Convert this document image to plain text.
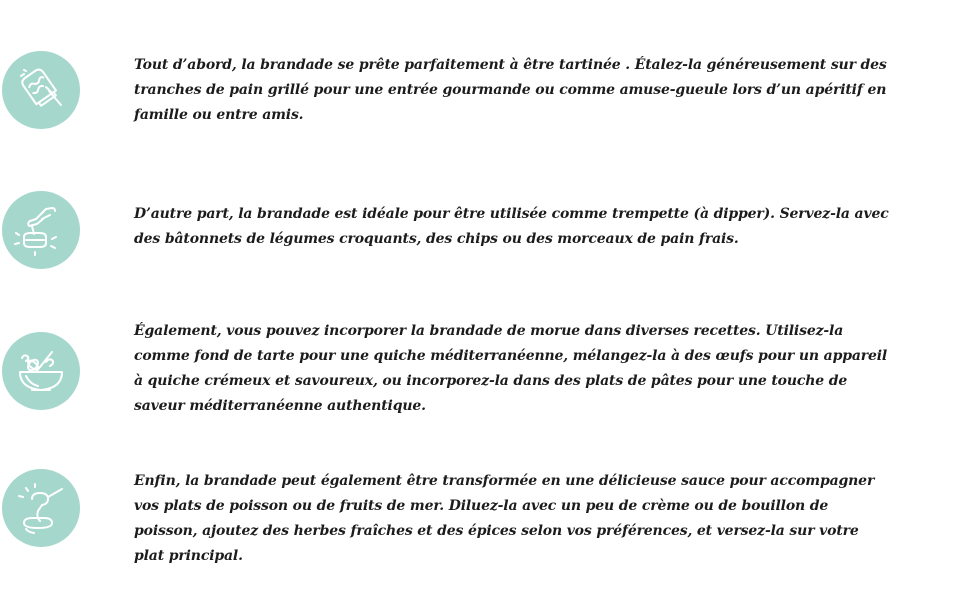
Tout d’abord, la brandade se prête parfaitement à être tartinée . Étalez-la généreusement sur des tranches de pain grillé pour une entrée gourmande ou comme amuse-gueule lors d’un apéritif en famille ou entre amis.

D’autre part, la brandade est idéale pour être utilisée comme trempette (à dipper). Servez-la avec des bâtonnets de légumes croquants, des chips ou des morceaux de pain frais.

Également, vous pouvez incorporer la brandade de morue dans diverses recettes. Utilisez-la comme fond de tarte pour une quiche méditerranéenne, mélangez-la à des œufs pour un appareil à quiche crémeux et savoureux, ou incorporez-la dans des plats de pâtes pour une touche de saveur méditerranéenne authentique.

Enfin, la brandade peut également être transformée en une délicieuse sauce pour accompagner vos plats de poisson ou de fruits de mer. Diluez-la avec un peu de crème ou de bouillon de poisson, ajoutez des herbes fraîches et des épices selon vos préférences, et versez-la sur votre plat principal.
